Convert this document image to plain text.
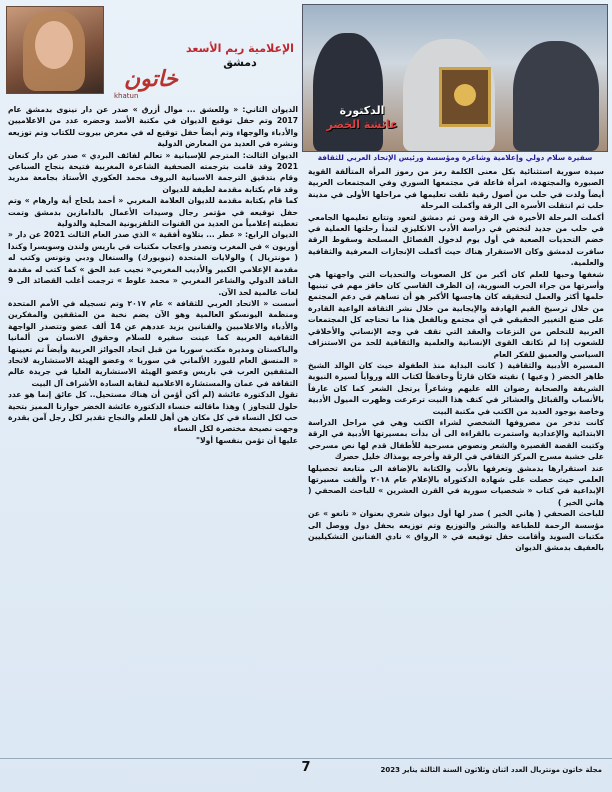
خاتون
khatun
الإعلامية ريم الأسعد
دمشق
الدكتورة
عائشة الخضر
سفيرة سلام دولي وإعلامية وشاعرة ومؤسسة ورئيس الإتحاد العربي للثقافة

سيدة سورية استثنائية بكل معنى الكلمة رمز من رموز المرأة المتألقة القوية الصبورة والمجتهدة، امرأة فاعلة في مجتمعها السوري وفي المجتمعات العربية أيضاً ولدت في حلب من أصول رقية تلقت تعليمها في مراحلها الأولى في مدينة حلب ثم انتقلت الأسرة الى الرقة وأكملت المرحلة

أكملت المرحلة الأخيرة في الرقة ومن ثم دمشق لتعود وتتابع تعليمها الجامعي في حلب من جديد لتختص في دراسة الأدب الانكليزي لتبدأ رحلتها العملية في خضم التحديات الصعبة في أول يوم لدخول الفصائل المسلحة وسقوط الرقة سافرت لدمشق وكان الاستقرار هناك حيث أكملت الإنجازات المعرفية والثقافية والعلمية.

شغفها وحبها للعلم كان أكبر من كل الصعوبات والتحديات التي واجهتها هي وأسرتها من جراء الحرب السورية، إن الظرف القاسي كان حافز مهم في تبنيها حلمها أكثر والعمل لتحقيقه كان هاجسها الأكبر هو أن تساهم في دعم المجتمع من خلال ترسيخ القيم الهادفة والإيجابية من خلال نشر الثقافة الواعية القادرة على صنع التغيير الحقيقي في أي مجتمع وبالفعل هذا ما تحتاجه كل المجتمعات العربية للتخلص من النزعات والعقد التي تقف في وجه الإنساني والأخلاقي للشعوب إذا لم تكاتف القوى الإنسانية والعلمية والثقافية للحد من الاستنزاف السياسي والعميق للفكر العام

المسيرة الأدبية والثقافية ( كانت البداية منذ الطفولة حيث كان الوالد الشيخ طاهر الخضر ( وعيها ) نقيته فكان قارئاً وحافظاً لكتاب الله ورواياً لسيرة النبوية الشريفة والصحابة رضوان الله عليهم وشاعراً يرتجل الشعر كما كان عارفاً بالأنساب والقبائل والعشائر في كنف هذا البيت ترعرعت وظهرت الميول الأدبية وخاصة بوجود العديد من الكتب في مكتبة البيت

كانت تدخر من مصروفها الشخصي لشراء الكتب وهي في مراحل الدراسة الابتدائية والإعدادية واستمرت بالقراءة الى أن بدأت بمسيرتها الأدبية في الرقة وكتبت القصة القصيرة والشعر ونصوص مسرحية للأطفال قدم لها نص مسرحي على خشبة مسرح المركز الثقافي في الرقة وأخرجه يومذاك خليل حصرك

عند استقرارها بدمشق وتعرفها بالأدب والكتابة بالإضافة الى متابعة تحصيلها العلمي حيث حصلت على شهادة الدكتوراة بالإعلام عام ٢٠١٨ وألفت مسيرتها الإبداعية في كتاب « شخصيات سورية في القرن العشرين » للباحث الصحفي ( هاني الخير )

للباحث الصحفي ( هاني الخير ) صدر لها أول ديوان شعري بعنوان « تانغو » عن مؤسسة الرحمة للطباعة والنشر والتوزيع وتم توزيعه بحفل دول ووصل الى مكتبات السويد وأقامت حفل توقيعه في « الرواق » نادي الفنانين التشكيليين بالعفيف بدمشق الديوان

الديوان الثاني: « وللعشق ... موال أزرق » صدر عن دار نينوى بدمشق عام 2017 وتم حفل توقيع الديوان في مكتبة الأسد وحضره عدد من الاعلاميين والأدباء والوجهاء وتم أيضاً حفل توقيع له في معرض بيروت للكتاب وتم توزيعه ونشره في العديد من المعارض الدولية

الديوان الثالث: المترجم للإسبانية « تعالم لفائف البردي » صدر عن دار كنعان 2021 وقد قامت بترجمته الصحفية الشاعرة المغربية فتيحة بنجاح السباعي وقام بتدقيق الترجمة الاسبانية البروف محمد العكوري الأستاذ بجامعة مدريد وقد قام بكتابة مقدمة لطيفة للديوان

كما قام بكتابة مقدمة للديوان العلامة المغربي « أحمد بلحاج أية وارهام » وتم حفل توقيعه في مؤتمر رجال وسيدات الأعمال بالدامازين بدمشق وتمت تغطيته إعلامياً من العديد من القنوات التلفزيونية المحلية والدولية

الديوان الرابع: « عطر ... بتلاوة أفقية » الذي صدر العام الثالث 2021 عن دار « أوريون » في المغرب وتصدر وإعجاب مكتبات في باريس ولندن وسويسرا وكندا ( مونتريال ) والولايات المتحدة (نيويورك) والسنغال ودبي وتونس وكتب له مقدمة الإعلامي الكبير والأديب المغربي« نجيب عبد الحق » كما كتب له مقدمة الناقد الدولي والشاعر المغربي « محمد علوط » ترجمت أغلب القصائد الى 9 لغات عالمية لحد الآن.

أسست « الاتحاد العربي للثقافة » عام ٢٠١٧ وتم تسجيله في الأمم المتحدة ومنظمة اليونسكو العالمية وهو الآن يضم نخبة من المثقفين والمفكرين والأدباء والاعلاميين والفنانين يزيد عددهم عن 14 ألف عضو وتتصدر الواجهة الثقافية العربية كما عينت سفيرة للسلام وحقوق الانسان من ألمانيا والباكستان ومديرة مكتب سوريا من قبل اتحاد الجوائز العربية وأيضاً تم تعيينها « المنسق العام للبورد الألماني في سوريا » وعضو الهيئة الاستشارية لاتحاد المثقفين العرب في باريس وعضو الهيئة الاستشارية العليا في جريدة عالم الثقافة في عمان والمستشارة الاعلامية لنقابة السادة الأشراف آل البيت

تقول الدكتورة عائشة (لم أكن أؤمن أن هناك مستحيل.. كل عائق إنما هو عدد حلول للتجاوز ) وهذا ماقالته خنساء الدكتورة عائشة الخضر حوارنا المميز بتحية حب لكل النساء في كل مكان هن أهل للعلم والنجاح تقدير لكل رجل آمن بقدرة وجهت نصيحة مختصرة لكل النساء

عليها أن تؤمن بنفسها أولا"

7	مجلة خاتون مونتريال العدد اثنان وثلاثون السنة الثالثة يناير 2023
